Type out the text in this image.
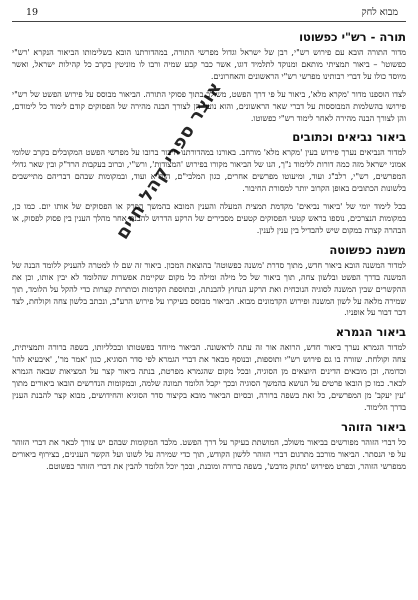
מבוא לחק
19
תורה - רש"י כפשוטו

מדור התורה הובא עם פירוש רש"י, רבן של ישראל וגדול מפרשי התורה, במהדורתנו הובא בשלימותו הביאור הנקרא 'רש"י כפשוטו' – ביאור תמציתי מותאם ומנוקד לתלמיד דוגו, אשר כבר קבע שמיה ורבו לו מוניטין בקרב כל קהילות ישראל, ואשר מיוסד כולו על דברי רבותינו מפרשי רש"י הראשונים והאחרונים.

לצדו הוספנו מדור 'מקרא מלא', ביאור על פי דרך הפשט, משולב בתוך פסוקי התורה. הביאור מבוסס על פירוש הפשט של רש"י פירושו בהשלמות המבוססות על דברי שאר הראשונים, והוא נועד הן לצורך הבנה מהירה של הפסוקים קודם לימוד כל לימודם, והן לצורך הבנה מהירה לאחר לימוד רש"י כפשוטו.

ביאור נביאים וכתובים

למדור הנביאים נערך פירוש בעין 'מקרא מלא' מורחב. באורנו במהדורתנו חיבור ברובו על מפרשי הפשט המקובלים בקרב שלומי אמוני ישראל מזה כמה דורות ללימוד נ"ך, הנו של הביאור מקורו בפירוש 'המצודות', ורש"י, וברוב בעקבות הרד"ק ובין שאר גדולי המפרשים, רש"י, רלב"ג ועוד, ומיעוטו מפרשים אחרים, כגון המלבי"ם, הגר"א ועוד, ובמקומות שבהם דבריהם מתיישבים בלשונות הכתובים באופן הקרוב יותר למסורת החיבור.

בכל לימוד יומי של 'ביאור נביאים' מקדמת תמצית המעלה והענין המובא בהמשך הפרק או הפסוקים של אותו יום. כמו כן, במקומות הנצרכים, נוספו בראש קטעי הפסוקים קטעים מסבירים של הרקע הדרוש להבנת אחר מהלך הענין בין פסוק לפסוק, או הבהרה קצרה במקום שיש להבדיל בין ענין לענין.

משנה כפשוטה

למדור המשנה הובא ביאור חדש, מתוך סדרת 'משנה כפשוטה' בהוצאת המכון. ביאור זה שם לו למטרה להעניק ללומד הבנה של המשנה בדרך הפשט ובלשון צחה, תוך ביאור של כל מילה ומילה כל מקום שקיימת אפשרות שהלומד לא יבין אותו, וכן את ההקשרים שבין המשנה לסוגיה הנוכחית ואת הרקע הנחוץ להבנתה, ובתוספת הקדמות וכותרות קצרות כדי להקל על הלומד, תוך שמירה מלאה על לשון המשנה ופירוש הקדמונים מבוא. הביאור מבוסס בעיקרו על פירוש הרע"ב, ונכתב בלשון צחה וקולחת, לצד דבר דבור על אופניו.

ביאור הגמרא

למדור הגמרא נערך ביאור חדש, הרואה אור זה עתה לראשונה. הביאור מיוחד בפשטותו ובכלליותו, בשפה ברורה ותמציתית, צחה וקולחת. שזורה בו גם פירוש רש"י ותוספות, ובנוסף מבאר את דברי הגמרא לפי סדר הסוגיא, כגון 'אמר מר', 'איבעיא להו' וכדומה, וכן מובאים הדינים היוצאים מן הסוגיה, ובכל מקום שהגמרא מפרטת, בנתה ביאור קצר על המציאות שבאה הגמרא לבאר. כמו כן הובאו פרטים על הנושא בהמשך הסוגיה ובכך יקבל הלומד תמונה שלמה, ובמקומות הנדרשים הובאו ביאורים מתוך 'עין יעקב' מן המפרשים, כל זאת בשפה ברורה, ובסיום הביאור מובא בקיצור סדר הסוגיא והחידושים, מבוא קצר להבנת הענין בדרך הלימוד.

ביאור הזוהר

כל דברי הזוהר מפורשים בביאור משולב, המושתת בעיקר על דרך הפשט. מלבד המקומות שבהם יש צורך לבאר את דברי הזוהר על פי הנסתר. הביאור מורכב מתרגום דברי הזוהר ללשון הקודש, תוך כדי שמירה על לשונו ועל הקשר הענינים, בצירוף ביאורים ממפרשי הזוהר, ובפרט מפירוש 'מתוק מדבש', בשפה ברורה ומובנת, ובכך יוכל הלומד להבין את דברי הזוהר כפשוטם.

אוצר ספרי קהל חיים
